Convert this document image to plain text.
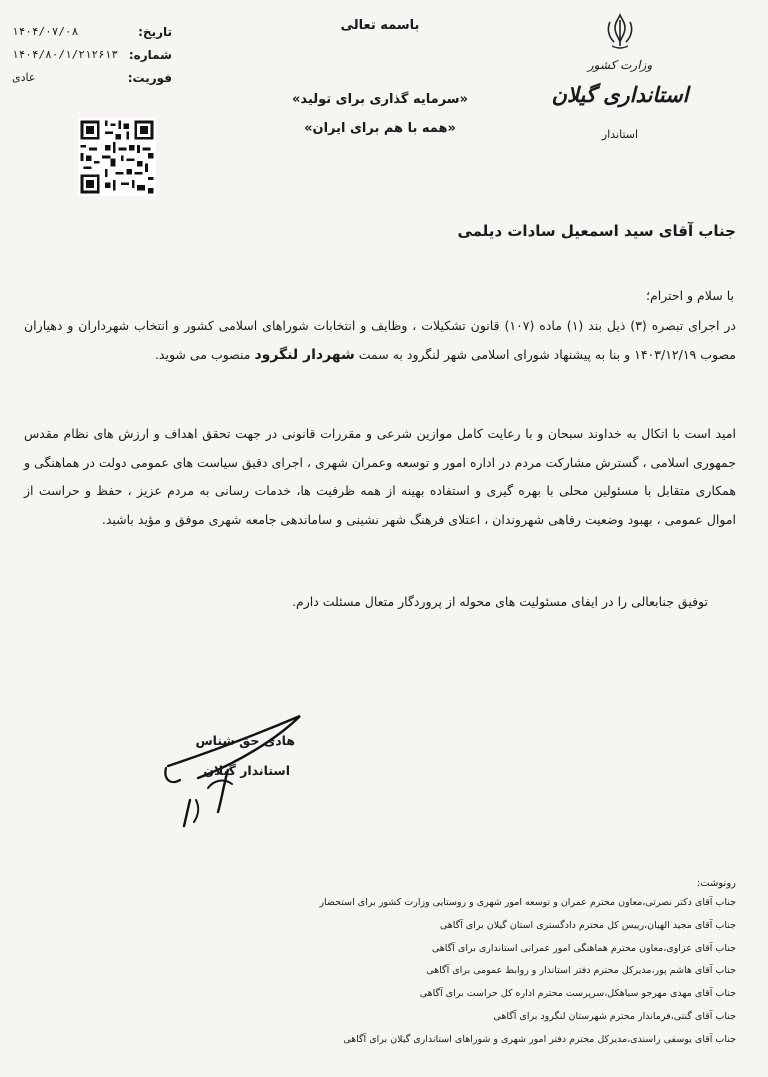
تاریخ:
۱۴۰۴/۰۷/۰۸
شماره:
۱۴۰۴/۸۰/۱/۲۱۲۶۱۳
فوریت:
عادی
باسمه تعالی
«سرمایه گذاری برای تولید»
«همه با هم برای ایران»
وزارت کشور
استانداری گیلان
استاندار
جناب آقای سید اسمعیل سادات دیلمی
با سلام و احترام؛
در اجرای تبصره (۳) ذیل بند (۱) ماده (۱۰۷) قانون تشکیلات ، وظایف و انتخابات شوراهای اسلامی کشور و انتخاب شهرداران و دهیاران مصوب ۱۴۰۳/۱۲/۱۹ و بنا به پیشنهاد شورای اسلامی شهر لنگرود به سمت شهردار لنگرود منصوب می شوید.
امید است با اتکال به خداوند سبحان و با رعایت کامل موازین شرعی و مقررات قانونی در جهت تحقق اهداف و ارزش های نظام مقدس جمهوری اسلامی ، گسترش مشارکت مردم در اداره امور و توسعه وعمران شهری ، اجرای دقیق سیاست های عمومی دولت در هماهنگی و همکاری متقابل با مسئولین محلی با بهره گیری و استفاده بهینه از همه ظرفیت ها، خدمات رسانی به مردم عزیز ، حفظ و حراست از اموال عمومی ، بهبود وضعیت رفاهی شهروندان ، اعتلای فرهنگ شهر نشینی و ساماندهی جامعه شهری موفق و مؤید باشید.
توفیق جنابعالی را در ایفای مسئولیت های محوله از پروردگار متعال مسئلت دارم.
هادی حق شناس
استاندار گیلان
رونوشت:
جناب آقای دکتر نصرتی،معاون محترم عمران و توسعه امور شهری و روستایی وزارت کشور برای استحضار
جناب آقای مجید الهیان،رییس کل محترم دادگستری استان گیلان برای آگاهی
جناب آقای عزاوی،معاون محترم هماهنگی امور عمرانی استانداری برای آگاهی
جناب آقای هاشم پور،مدیرکل محترم دفتر استاندار و روابط عمومی برای آگاهی
جناب آقای مهدی مهرجو سیاهکل،سرپرست محترم اداره کل حراست برای آگاهی
جناب آقای گنتی،فرماندار محترم شهرستان لنگرود برای آگاهی
جناب آقای یوسفی راسندی،مدیرکل محترم دفتر امور شهری و شوراهای استانداری گیلان برای آگاهی
